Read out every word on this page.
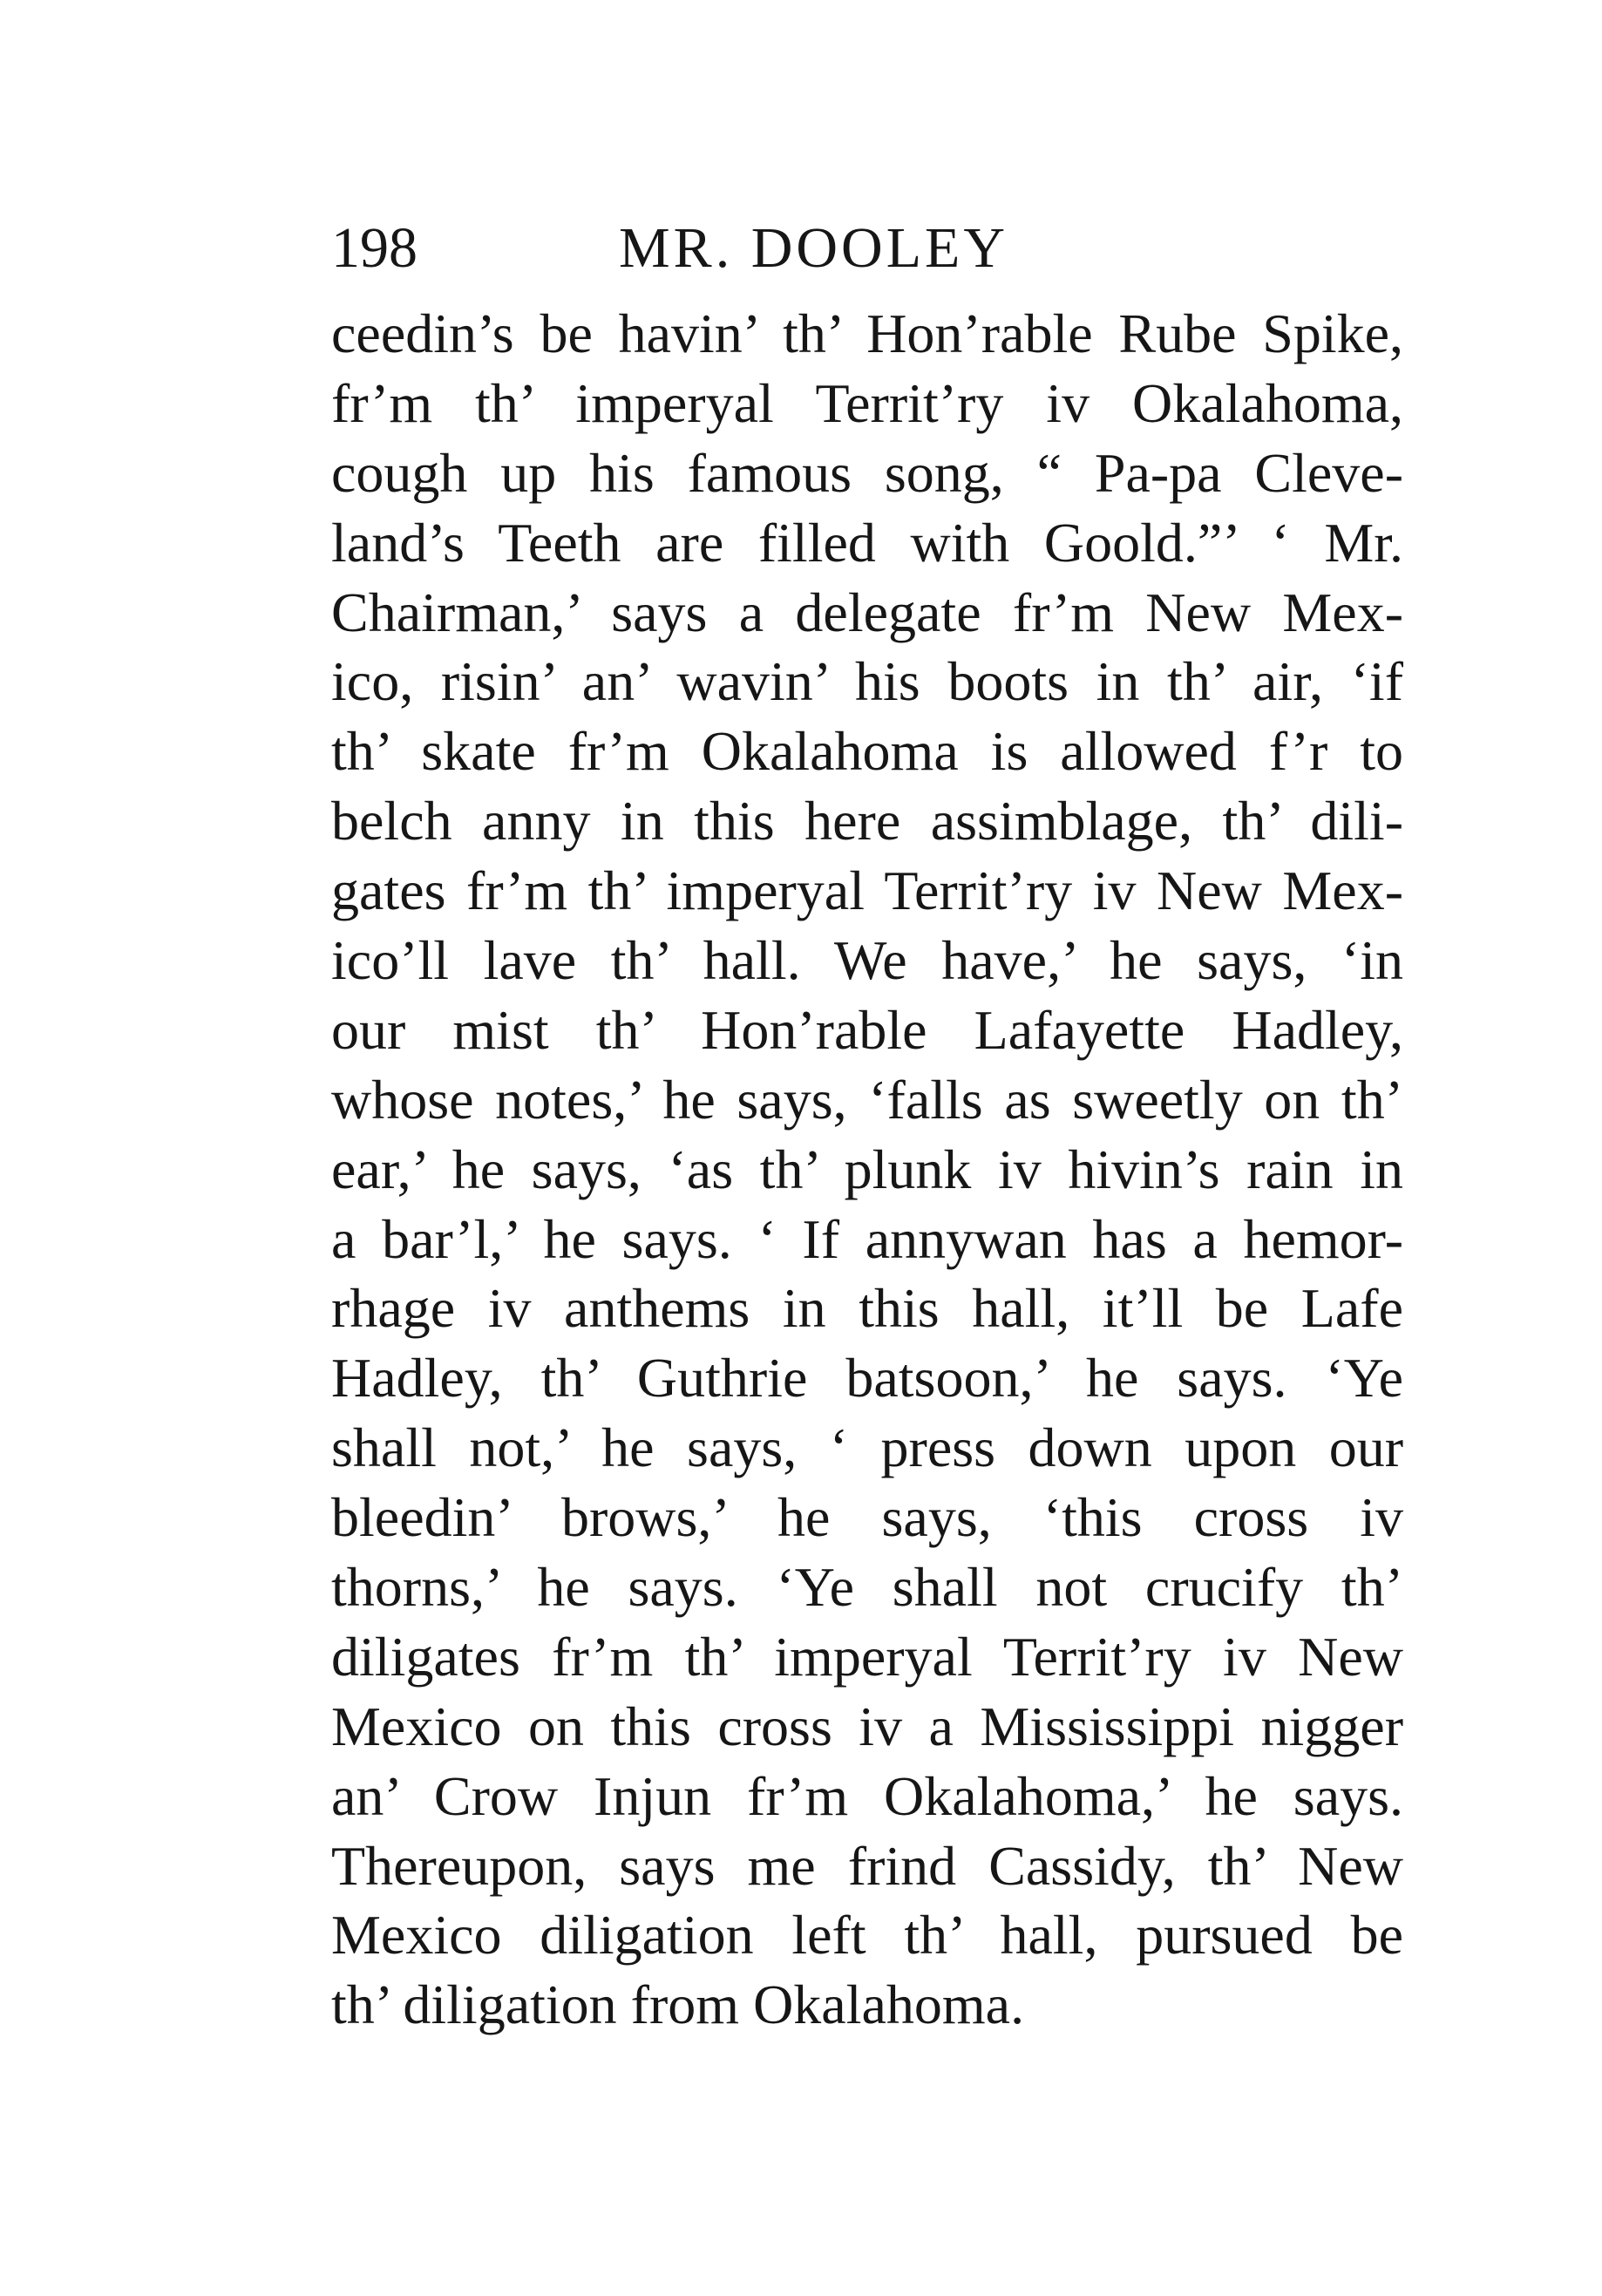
198	MR. DOOLEY
ceedin’s be havin’ th’ Hon’rable Rube Spike,
fr’m th’ imperyal Territ’ry iv Okalahoma,
cough up his famous song, “ Pa-pa Cleve-
land’s Teeth are filled with Goold.”’ ‘ Mr.
Chairman,’ says a delegate fr’m New Mex-
ico, risin’ an’ wavin’ his boots in th’ air, ‘if
th’ skate fr’m Okalahoma is allowed f’r to
belch anny in this here assimblage, th’ dili-
gates fr’m th’ imperyal Territ’ry iv New Mex-
ico’ll lave th’ hall. We have,’ he says, ‘in
our mist th’ Hon’rable Lafayette Hadley,
whose notes,’ he says, ‘falls as sweetly on th’
ear,’ he says, ‘as th’ plunk iv hivin’s rain in
a bar’l,’ he says. ‘ If annywan has a hemor-
rhage iv anthems in this hall, it’ll be Lafe
Hadley, th’ Guthrie batsoon,’ he says. ‘Ye
shall not,’ he says, ‘ press down upon our
bleedin’ brows,’ he says, ‘this cross iv
thorns,’ he says. ‘Ye shall not crucify th’
diligates fr’m th’ imperyal Territ’ry iv New
Mexico on this cross iv a Mississippi nigger
an’ Crow Injun fr’m Okalahoma,’ he says.
Thereupon, says me frind Cassidy, th’ New
Mexico diligation left th’ hall, pursued be
th’ diligation from Okalahoma.
